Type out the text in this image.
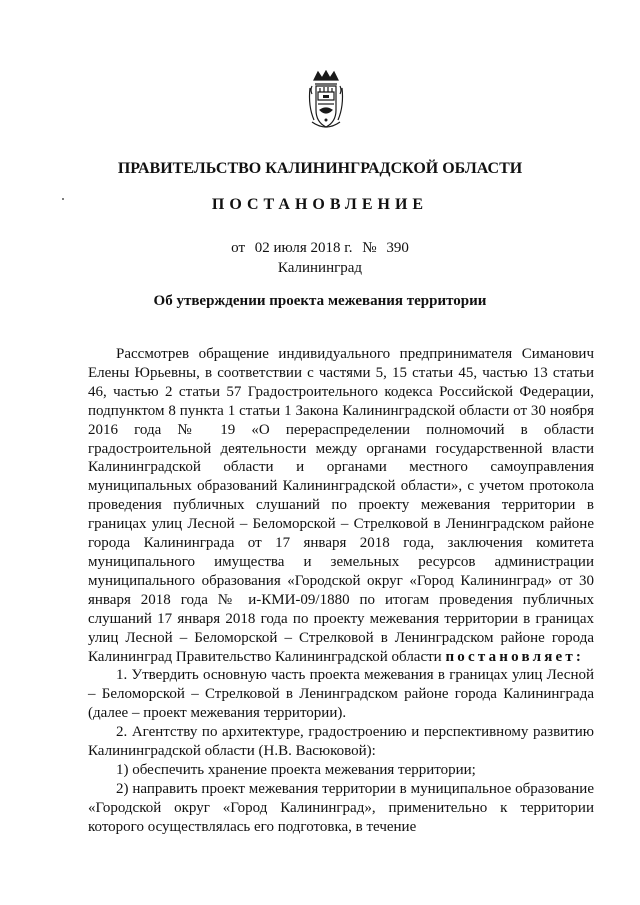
ПРАВИТЕЛЬСТВО КАЛИНИНГРАДСКОЙ ОБЛАСТИ
ПОСТАНОВЛЕНИЕ
от 02 июля 2018 г. № 390
Калининград
Об утверждении проекта межевания территории

Рассмотрев обращение индивидуального предпринимателя Симанович Елены Юрьевны, в соответствии с частями 5, 15 статьи 45, частью 13 статьи 46, частью 2 статьи 57 Градостроительного кодекса Российской Федерации, подпунктом 8 пункта 1 статьи 1 Закона Калининградской области от 30 ноября 2016 года № 19 «О перераспределении полномочий в области градостроительной деятельности между органами государственной власти Калининградской области и органами местного самоуправления муниципальных образований Калининградской области», с учетом протокола проведения публичных слушаний по проекту межевания территории в границах улиц Лесной – Беломорской – Стрелковой в Ленинградском районе города Калининграда от 17 января 2018 года, заключения комитета муниципального имущества и земельных ресурсов администрации муниципального образования «Городской округ «Город Калининград» от 30 января 2018 года № и-КМИ-09/1880 по итогам проведения публичных слушаний 17 января 2018 года по проекту межевания территории в границах улиц Лесной – Беломорской – Стрелковой в Ленинградском районе города Калининград Правительство Калининградской области постановляет:

1. Утвердить основную часть проекта межевания в границах улиц Лесной – Беломорской – Стрелковой в Ленинградском районе города Калининграда (далее – проект межевания территории).

2. Агентству по архитектуре, градостроению и перспективному развитию Калининградской области (Н.В. Васюковой):

1) обеспечить хранение проекта межевания территории;

2) направить проект межевания территории в муниципальное образование «Городской округ «Город Калининград», применительно к территории которого осуществлялась его подготовка, в течение
